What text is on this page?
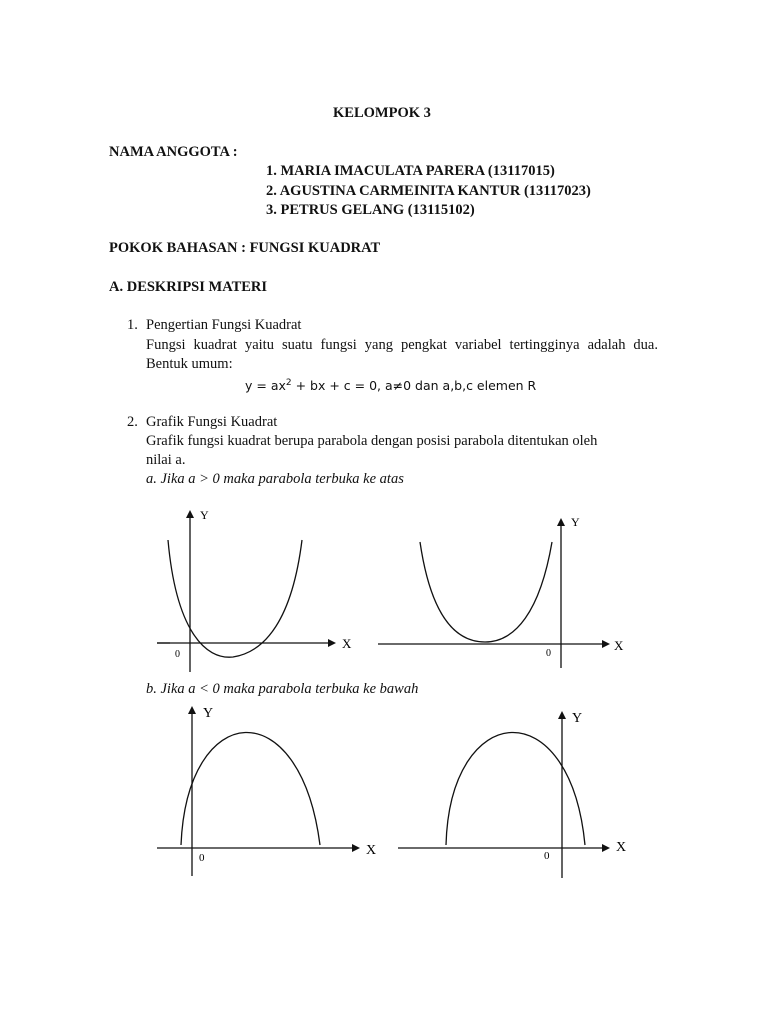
KELOMPOK 3
NAMA ANGGOTA :
1. MARIA IMACULATA PARERA (13117015)
2. AGUSTINA CARMEINITA KANTUR (13117023)
3. PETRUS GELANG (13115102)
POKOK BAHASAN : FUNGSI KUADRAT
A. DESKRIPSI MATERI
1. Pengertian Fungsi Kuadrat
Fungsi kuadrat yaitu suatu fungsi yang pengkat variabel tertingginya adalah dua.
Bentuk umum:
$y = ax^2$ + bx + c = 0, a≠0 dan a,b,c elemen R
2. Grafik Fungsi Kuadrat
Grafik fungsi kuadrat berupa parabola dengan posisi parabola ditentukan oleh
nilai a.
a. Jika a > 0 maka parabola terbuka ke atas
b. Jika a < 0 maka parabola terbuka ke bawah
Y
X
0
Y
X
0
Y
X
0
Y
X
0
